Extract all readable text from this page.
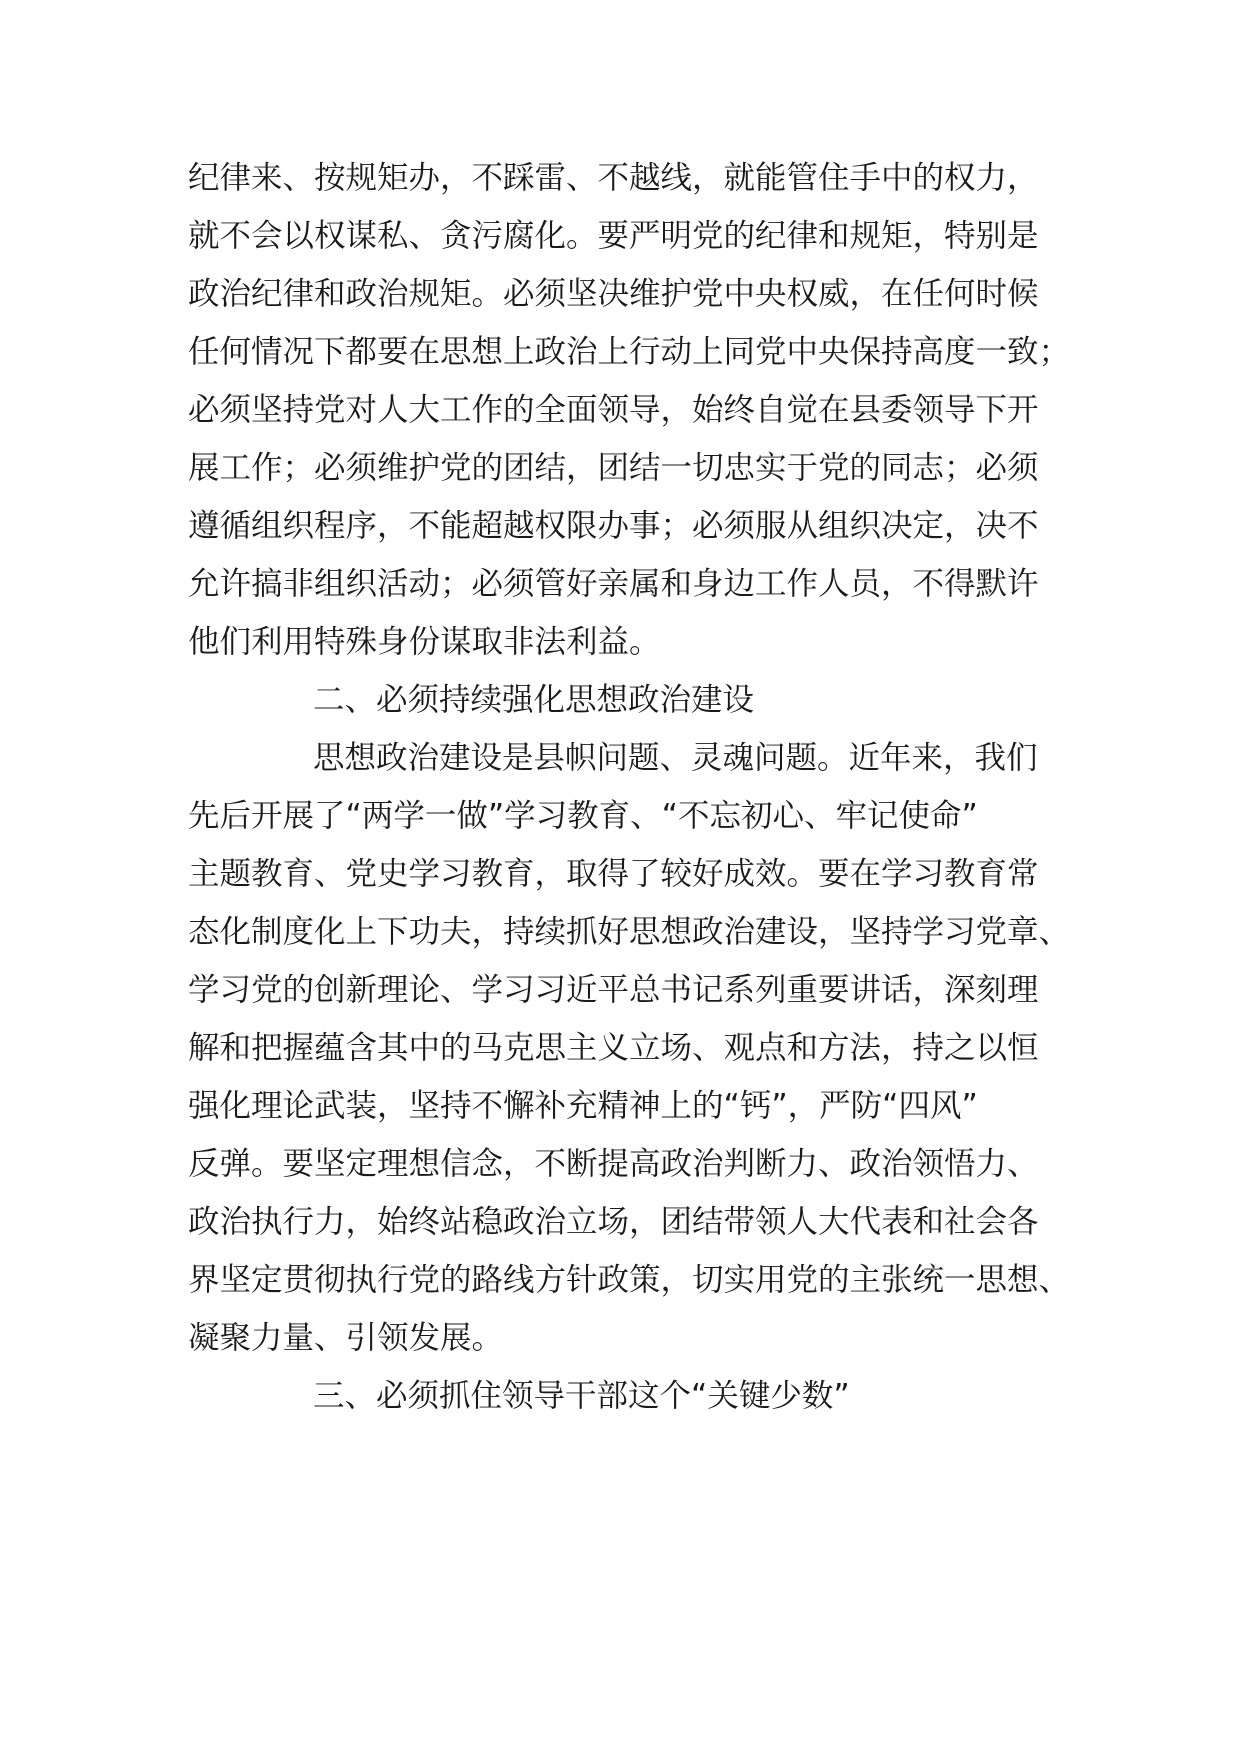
纪律来、按规矩办，不踩雷、不越线，就能管住手中的权力，
就不会以权谋私、贪污腐化。要严明党的纪律和规矩，特别是
政治纪律和政治规矩。必须坚决维护党中央权威，在任何时候
任何情况下都要在思想上政治上行动上同党中央保持高度一致；
必须坚持党对人大工作的全面领导，始终自觉在县委领导下开
展工作；必须维护党的团结，团结一切忠实于党的同志；必须
遵循组织程序，不能超越权限办事；必须服从组织决定，决不
允许搞非组织活动；必须管好亲属和身边工作人员，不得默许
他们利用特殊身份谋取非法利益。
二、必须持续强化思想政治建设
思想政治建设是县帜问题、灵魂问题。近年来，我们
先后开展了“两学一做”学习教育、“不忘初心、牢记使命”
主题教育、党史学习教育，取得了较好成效。要在学习教育常
态化制度化上下功夫，持续抓好思想政治建设，坚持学习党章、
学习党的创新理论、学习习近平总书记系列重要讲话，深刻理
解和把握蕴含其中的马克思主义立场、观点和方法，持之以恒
强化理论武装，坚持不懈补充精神上的“钙”，严防“四风”
反弹。要坚定理想信念，不断提高政治判断力、政治领悟力、
政治执行力，始终站稳政治立场，团结带领人大代表和社会各
界坚定贯彻执行党的路线方针政策，切实用党的主张统一思想、
凝聚力量、引领发展。
三、必须抓住领导干部这个“关键少数”
